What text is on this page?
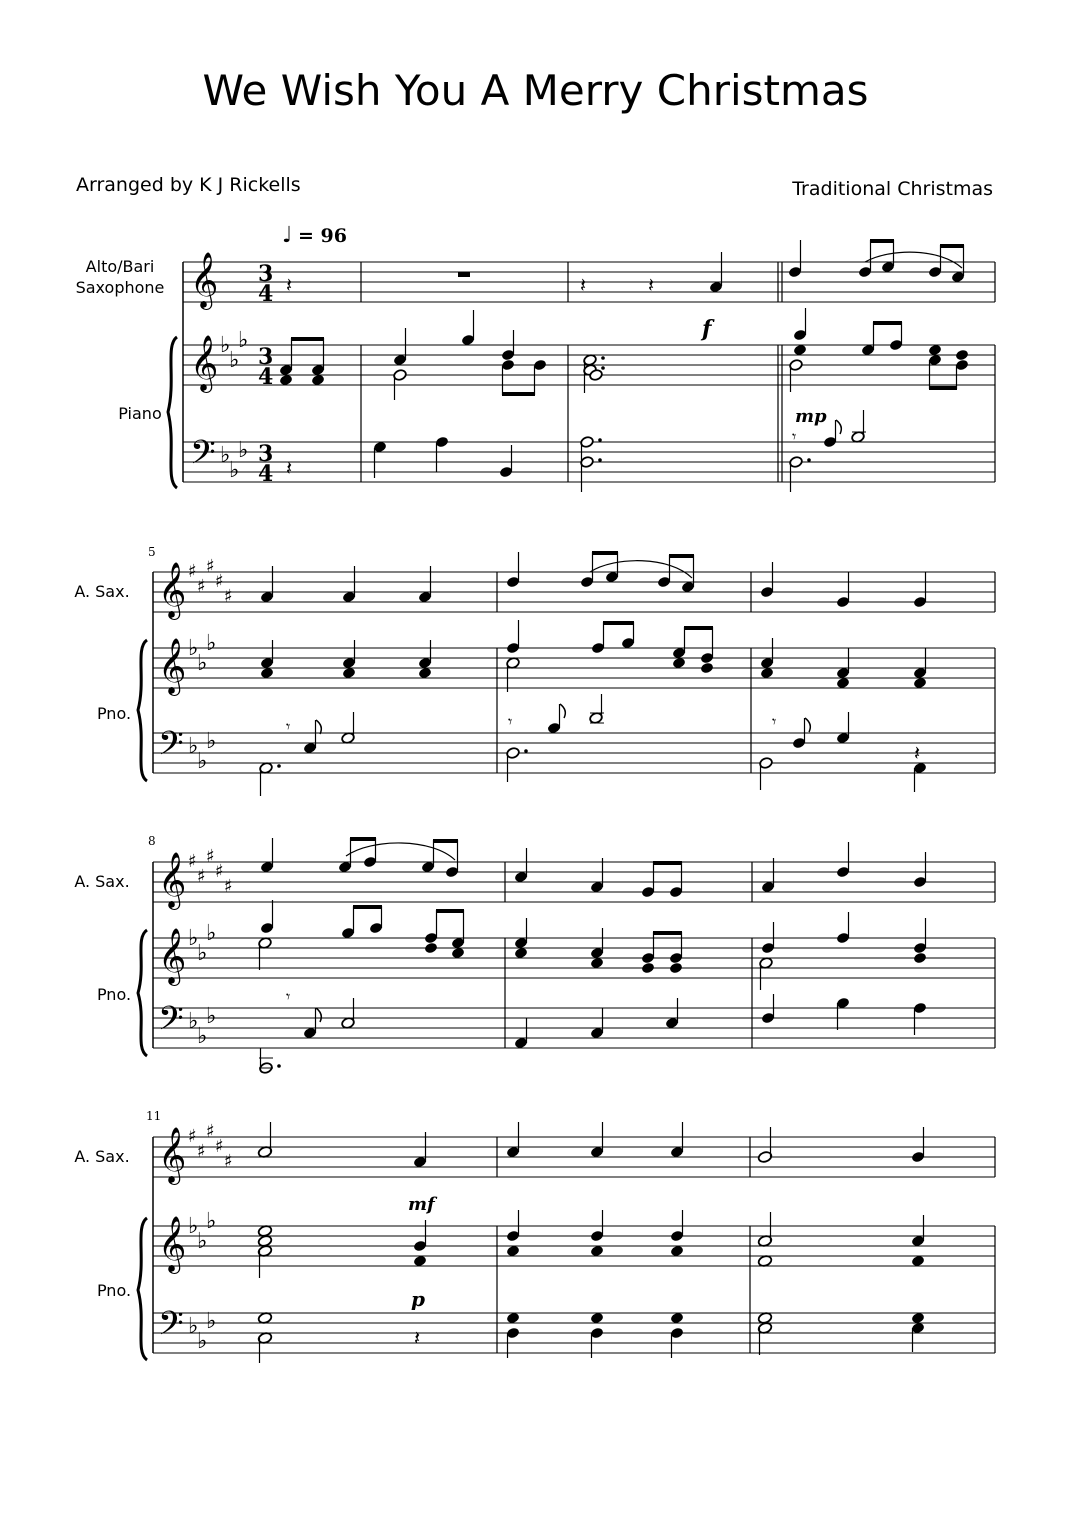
We Wish You A Merry Christmas
Arranged by K J Rickells	Traditional Christmas
♩ = 96
Alto/Bari
Saxophone
Piano
𝄞
𝄞
𝄢
♭
♭
♭
♭
♭
♭
3
4
3
4
3
4
𝄽	𝄽	𝄽
f
𝄽
mp
𝄾
5
A. Sax.
Pno.
𝄞
𝄞
𝄢
♯
♯
♯
♯
♯
♭
♭
♭
♭
♭
♭
𝄾	𝄾	𝄾
𝄽
8
A. Sax.
Pno.
𝄞
𝄞
𝄢
♯
♯
♯
♯
♯
♭
♭
♭
♭
♭
♭
𝄾
11
A. Sax.
Pno.
𝄞
𝄞
𝄢
♯
♯
♯
♯
♯
♭
♭
♭
♭
♭
♭
mf
p
𝄽
